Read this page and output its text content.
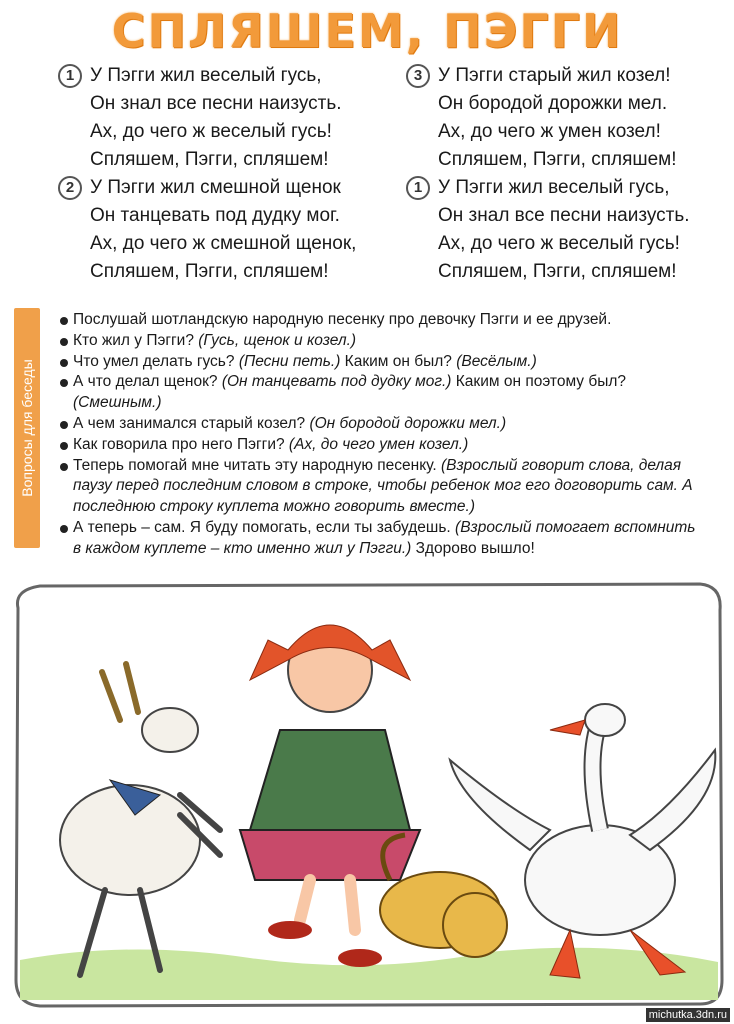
СПЛЯШЕМ, ПЭГГИ
1 У Пэгги жил веселый гусь,
Он знал все песни наизусть.
Ах, до чего ж веселый гусь!
Спляшем, Пэгги, спляшем!
2 У Пэгги жил смешной щенок
Он танцевать под дудку мог.
Ах, до чего ж смешной щенок,
Спляшем, Пэгги, спляшем!
3 У Пэгги старый жил козел!
Он бородой дорожки мел.
Ах, до чего ж умен козел!
Спляшем, Пэгги, спляшем!
1 У Пэгги жил веселый гусь,
Он знал все песни наизусть.
Ах, до чего ж веселый гусь!
Спляшем, Пэгги, спляшем!
Вопросы для беседы
Послушай шотландскую народную песенку про девочку Пэгги и ее друзей.
Кто жил у Пэгги? (Гусь, щенок и козел.)
Что умел делать гусь? (Песни петь.) Каким он был? (Весёлым.)
А что делал щенок? (Он танцевать под дудку мог.) Каким он поэтому был? (Смешным.)
А чем занимался старый козел? (Он бородой дорожки мел.)
Как говорила про него Пэгги? (Ах, до чего умен козел.)
Теперь помогай мне читать эту народную песенку. (Взрослый говорит слова, делая паузу перед последним словом в строке, чтобы ребенок мог его договорить сам. А последнюю строку куплета можно говорить вместе.)
А теперь – сам. Я буду помогать, если ты забудешь. (Взрослый помогает вспомнить в каждом куплете – кто именно жил у Пэгги.) Здорово вышло!
michutka.3dn.ru
